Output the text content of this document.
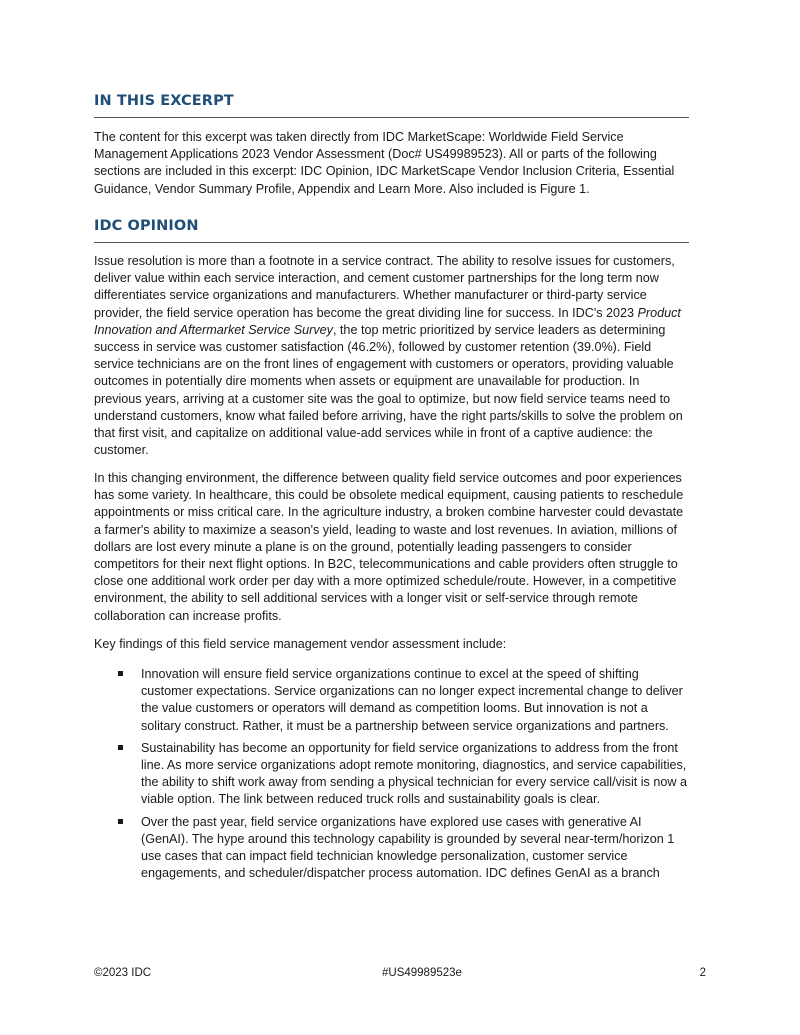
IN THIS EXCERPT

The content for this excerpt was taken directly from IDC MarketScape: Worldwide Field Service Management Applications 2023 Vendor Assessment (Doc# US49989523). All or parts of the following sections are included in this excerpt: IDC Opinion, IDC MarketScape Vendor Inclusion Criteria, Essential Guidance, Vendor Summary Profile, Appendix and Learn More. Also included is Figure 1.

IDC OPINION

Issue resolution is more than a footnote in a service contract. The ability to resolve issues for customers, deliver value within each service interaction, and cement customer partnerships for the long term now differentiates service organizations and manufacturers. Whether manufacturer or third-party service provider, the field service operation has become the great dividing line for success. In IDC's 2023 Product Innovation and Aftermarket Service Survey, the top metric prioritized by service leaders as determining success in service was customer satisfaction (46.2%), followed by customer retention (39.0%). Field service technicians are on the front lines of engagement with customers or operators, providing valuable outcomes in potentially dire moments when assets or equipment are unavailable for production. In previous years, arriving at a customer site was the goal to optimize, but now field service teams need to understand customers, know what failed before arriving, have the right parts/skills to solve the problem on that first visit, and capitalize on additional value-add services while in front of a captive audience: the customer.

In this changing environment, the difference between quality field service outcomes and poor experiences has some variety. In healthcare, this could be obsolete medical equipment, causing patients to reschedule appointments or miss critical care. In the agriculture industry, a broken combine harvester could devastate a farmer's ability to maximize a season's yield, leading to waste and lost revenues. In aviation, millions of dollars are lost every minute a plane is on the ground, potentially leading passengers to consider competitors for their next flight options. In B2C, telecommunications and cable providers often struggle to close one additional work order per day with a more optimized schedule/route. However, in a competitive environment, the ability to sell additional services with a longer visit or self-service through remote collaboration can increase profits.

Key findings of this field service management vendor assessment include:

Innovation will ensure field service organizations continue to excel at the speed of shifting customer expectations. Service organizations can no longer expect incremental change to deliver the value customers or operators will demand as competition looms. But innovation is not a solitary construct. Rather, it must be a partnership between service organizations and partners.
Sustainability has become an opportunity for field service organizations to address from the front line. As more service organizations adopt remote monitoring, diagnostics, and service capabilities, the ability to shift work away from sending a physical technician for every service call/visit is now a viable option. The link between reduced truck rolls and sustainability goals is clear.
Over the past year, field service organizations have explored use cases with generative AI (GenAI). The hype around this technology capability is grounded by several near-term/horizon 1 use cases that can impact field technician knowledge personalization, customer service engagements, and scheduler/dispatcher process automation. IDC defines GenAI as a branch
©2023 IDC	#US49989523e	2
